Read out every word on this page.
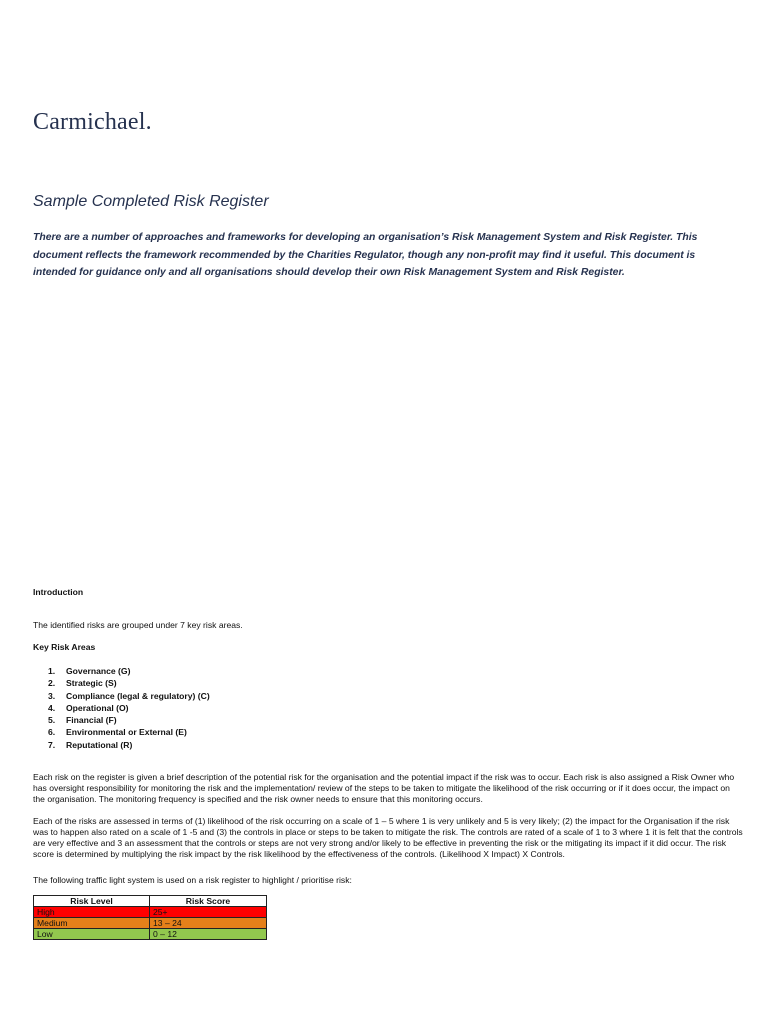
Carmichael.
Sample Completed Risk Register

There are a number of approaches and frameworks for developing an organisation’s Risk Management System and Risk Register. This document reflects the framework recommended by the Charities Regulator, though any non-profit may find it useful. This document is intended for guidance only and all organisations should develop their own Risk Management System and Risk Register.

Introduction

The identified risks are grouped under 7 key risk areas.

Key Risk Areas

1.	Governance (G)
2.	Strategic (S)
3.	Compliance (legal & regulatory) (C)
4.	Operational (O)
5.	Financial (F)
6.	Environmental or External (E)
7.	Reputational (R)

Each risk on the register is given a brief description of the potential risk for the organisation and the potential impact if the risk was to occur. Each risk is also assigned a Risk Owner who has oversight responsibility for monitoring the risk and the implementation/ review of the steps to be taken to mitigate the likelihood of the risk occurring or if it does occur, the impact on the organisation. The monitoring frequency is specified and the risk owner needs to ensure that this monitoring occurs.

Each of the risks are assessed in terms of (1) likelihood of the risk occurring on a scale of 1 – 5 where 1 is very unlikely and 5 is very likely; (2) the impact for the Organisation if the risk was to happen also rated on a scale of 1 -5 and (3) the controls in place or steps to be taken to mitigate the risk. The controls are rated of a scale of 1 to 3 where 1 it is felt that the controls are very effective and 3 an assessment that the controls or steps are not very strong and/or likely to be effective in preventing the risk or the mitigating its impact if it did occur. The risk score is determined by multiplying the risk impact by the risk likelihood by the effectiveness of the controls. (Likelihood X Impact) X Controls.

The following traffic light system is used on a risk register to highlight / prioritise risk:

Risk Level	Risk Score
High	25+
Medium	13 – 24
Low	0 – 12
